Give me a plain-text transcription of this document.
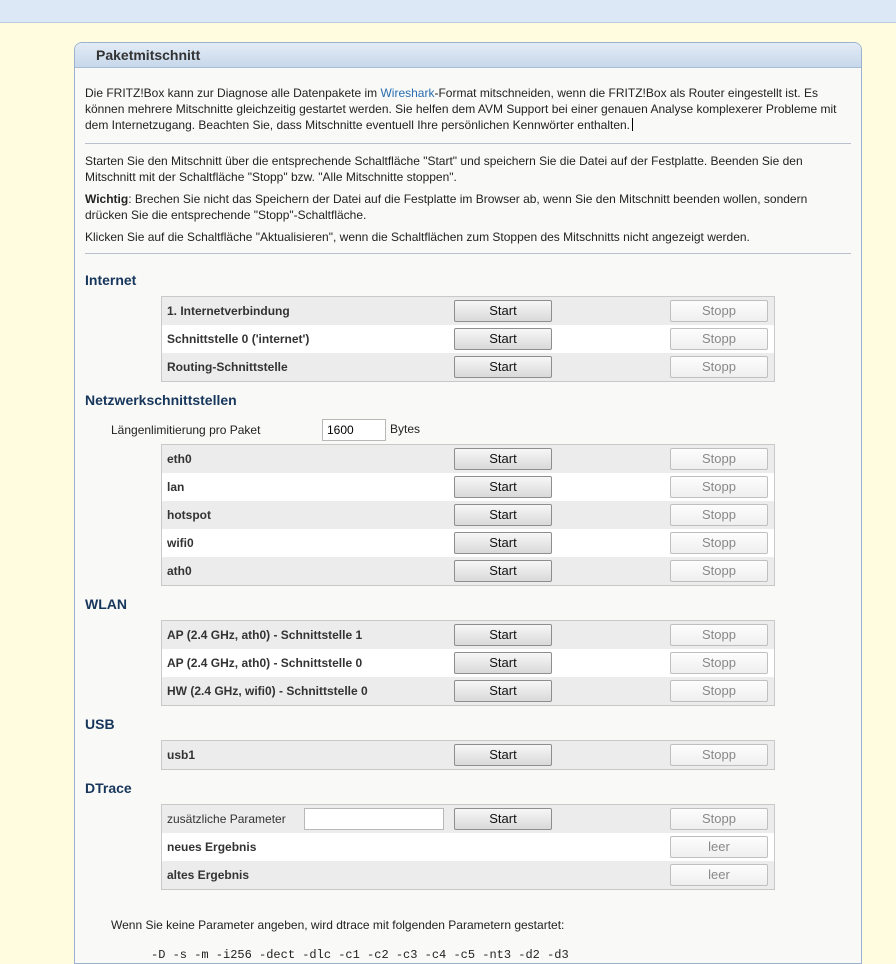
Paketmitschnitt

Die FRITZ!Box kann zur Diagnose alle Datenpakete im Wireshark-Format mitschneiden, wenn die FRITZ!Box als Router eingestellt ist. Es können mehrere Mitschnitte gleichzeitig gestartet werden. Sie helfen dem AVM Support bei einer genauen Analyse komplexerer Probleme mit dem Internetzugang. Beachten Sie, dass Mitschnitte eventuell Ihre persönlichen Kennwörter enthalten.

Starten Sie den Mitschnitt über die entsprechende Schaltfläche "Start" und speichern Sie die Datei auf der Festplatte. Beenden Sie den Mitschnitt mit der Schaltfläche "Stopp" bzw. "Alle Mitschnitte stoppen".

Wichtig: Brechen Sie nicht das Speichern der Datei auf die Festplatte im Browser ab, wenn Sie den Mitschnitt beenden wollen, sondern drücken Sie die entsprechende "Stopp"-Schaltfläche.

Klicken Sie auf die Schaltfläche "Aktualisieren", wenn die Schaltflächen zum Stoppen des Mitschnitts nicht angezeigt werden.

Internet
1. Internetverbindung	Start	Stopp
Schnittstelle 0 ('internet')	Start	Stopp
Routing-Schnittstelle	Start	Stopp
Netzwerkschnittstellen
Längenlimitierung pro Paket
1600	Bytes
eth0	Start	Stopp
lan	Start	Stopp
hotspot	Start	Stopp
wifi0	Start	Stopp
ath0	Start	Stopp
WLAN
AP (2.4 GHz, ath0) - Schnittstelle 1	Start	Stopp
AP (2.4 GHz, ath0) - Schnittstelle 0	Start	Stopp
HW (2.4 GHz, wifi0) - Schnittstelle 0	Start	Stopp
USB
usb1	Start	Stopp
DTrace
zusätzliche Parameter	Start	Stopp
neues Ergebnis	leer
altes Ergebnis	leer
Wenn Sie keine Parameter angeben, wird dtrace mit folgenden Parametern gestartet:
-D -s -m -i256 -dect -dlc -c1 -c2 -c3 -c4 -c5 -nt3 -d2 -d3
